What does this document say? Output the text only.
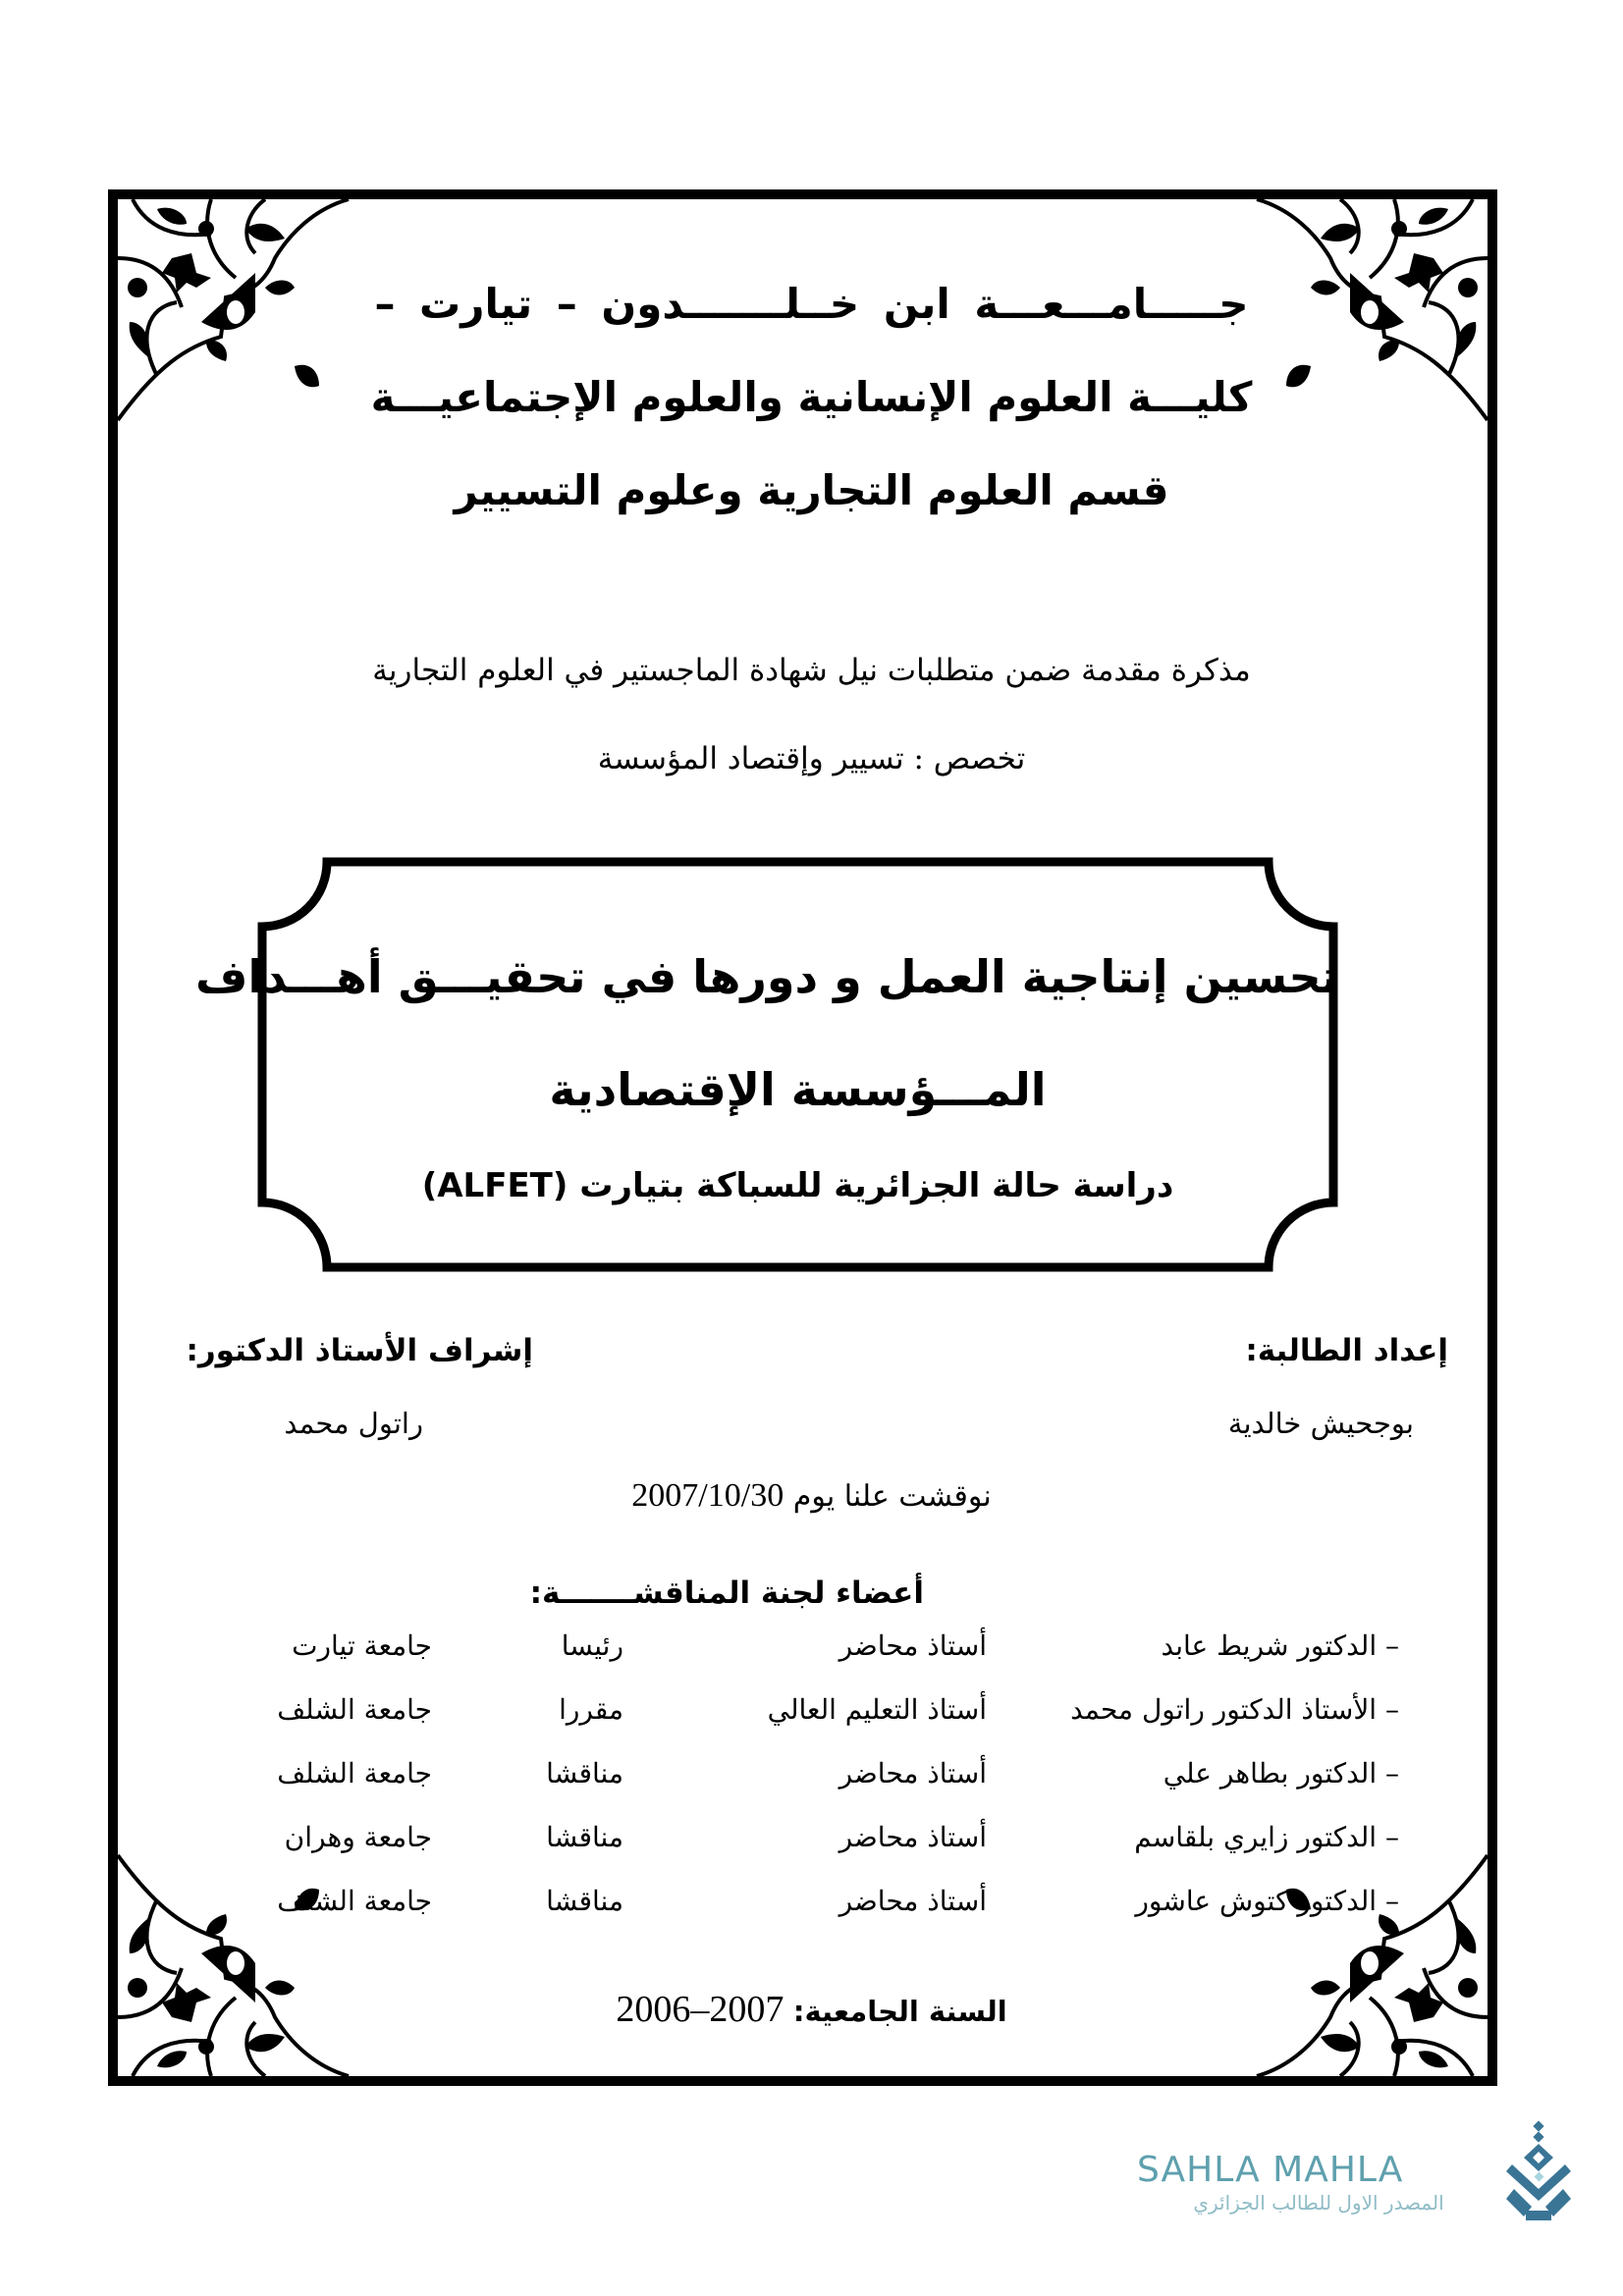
جـــــامـــعـــة ابن خــلـــــــدون – تيارت –
كليـــة العلوم الإنسانية والعلوم الإجتماعيـــة
قسم العلوم التجارية وعلوم التسيير
مذكرة مقدمة ضمن متطلبات نيل شهادة الماجستير في العلوم التجارية
تخصص : تسيير وإقتصاد المؤسسة
تحسين إنتاجية العمل و دورها في تحقيـــق أهـــداف
المـــؤسسة الإقتصادية
دراسة حالة الجزائرية للسباكة بتيارت (ALFET)
إعداد الطالبة:
بوجحيش خالدية
إشراف الأستاذ الدكتور:
راتول محمد
نوقشت علنا يوم 2007/10/30
أعضاء لجنة المناقشـــــــة:
– الدكتور شريط عابد
أستاذ محاضر
رئيسا
جامعة تيارت
– الأستاذ الدكتور راتول محمد
أستاذ التعليم العالي
مقررا
جامعة الشلف
– الدكتور بطاهر علي
أستاذ محاضر
مناقشا
جامعة الشلف
– الدكتور زايري بلقاسم
أستاذ محاضر
مناقشا
جامعة وهران
– الدكتور كتوش عاشور
أستاذ محاضر
مناقشا
جامعة الشلف
السنة الجامعية: 2007–2006
SAHLA MAHLA
المصدر الاول للطالب الجزائري
